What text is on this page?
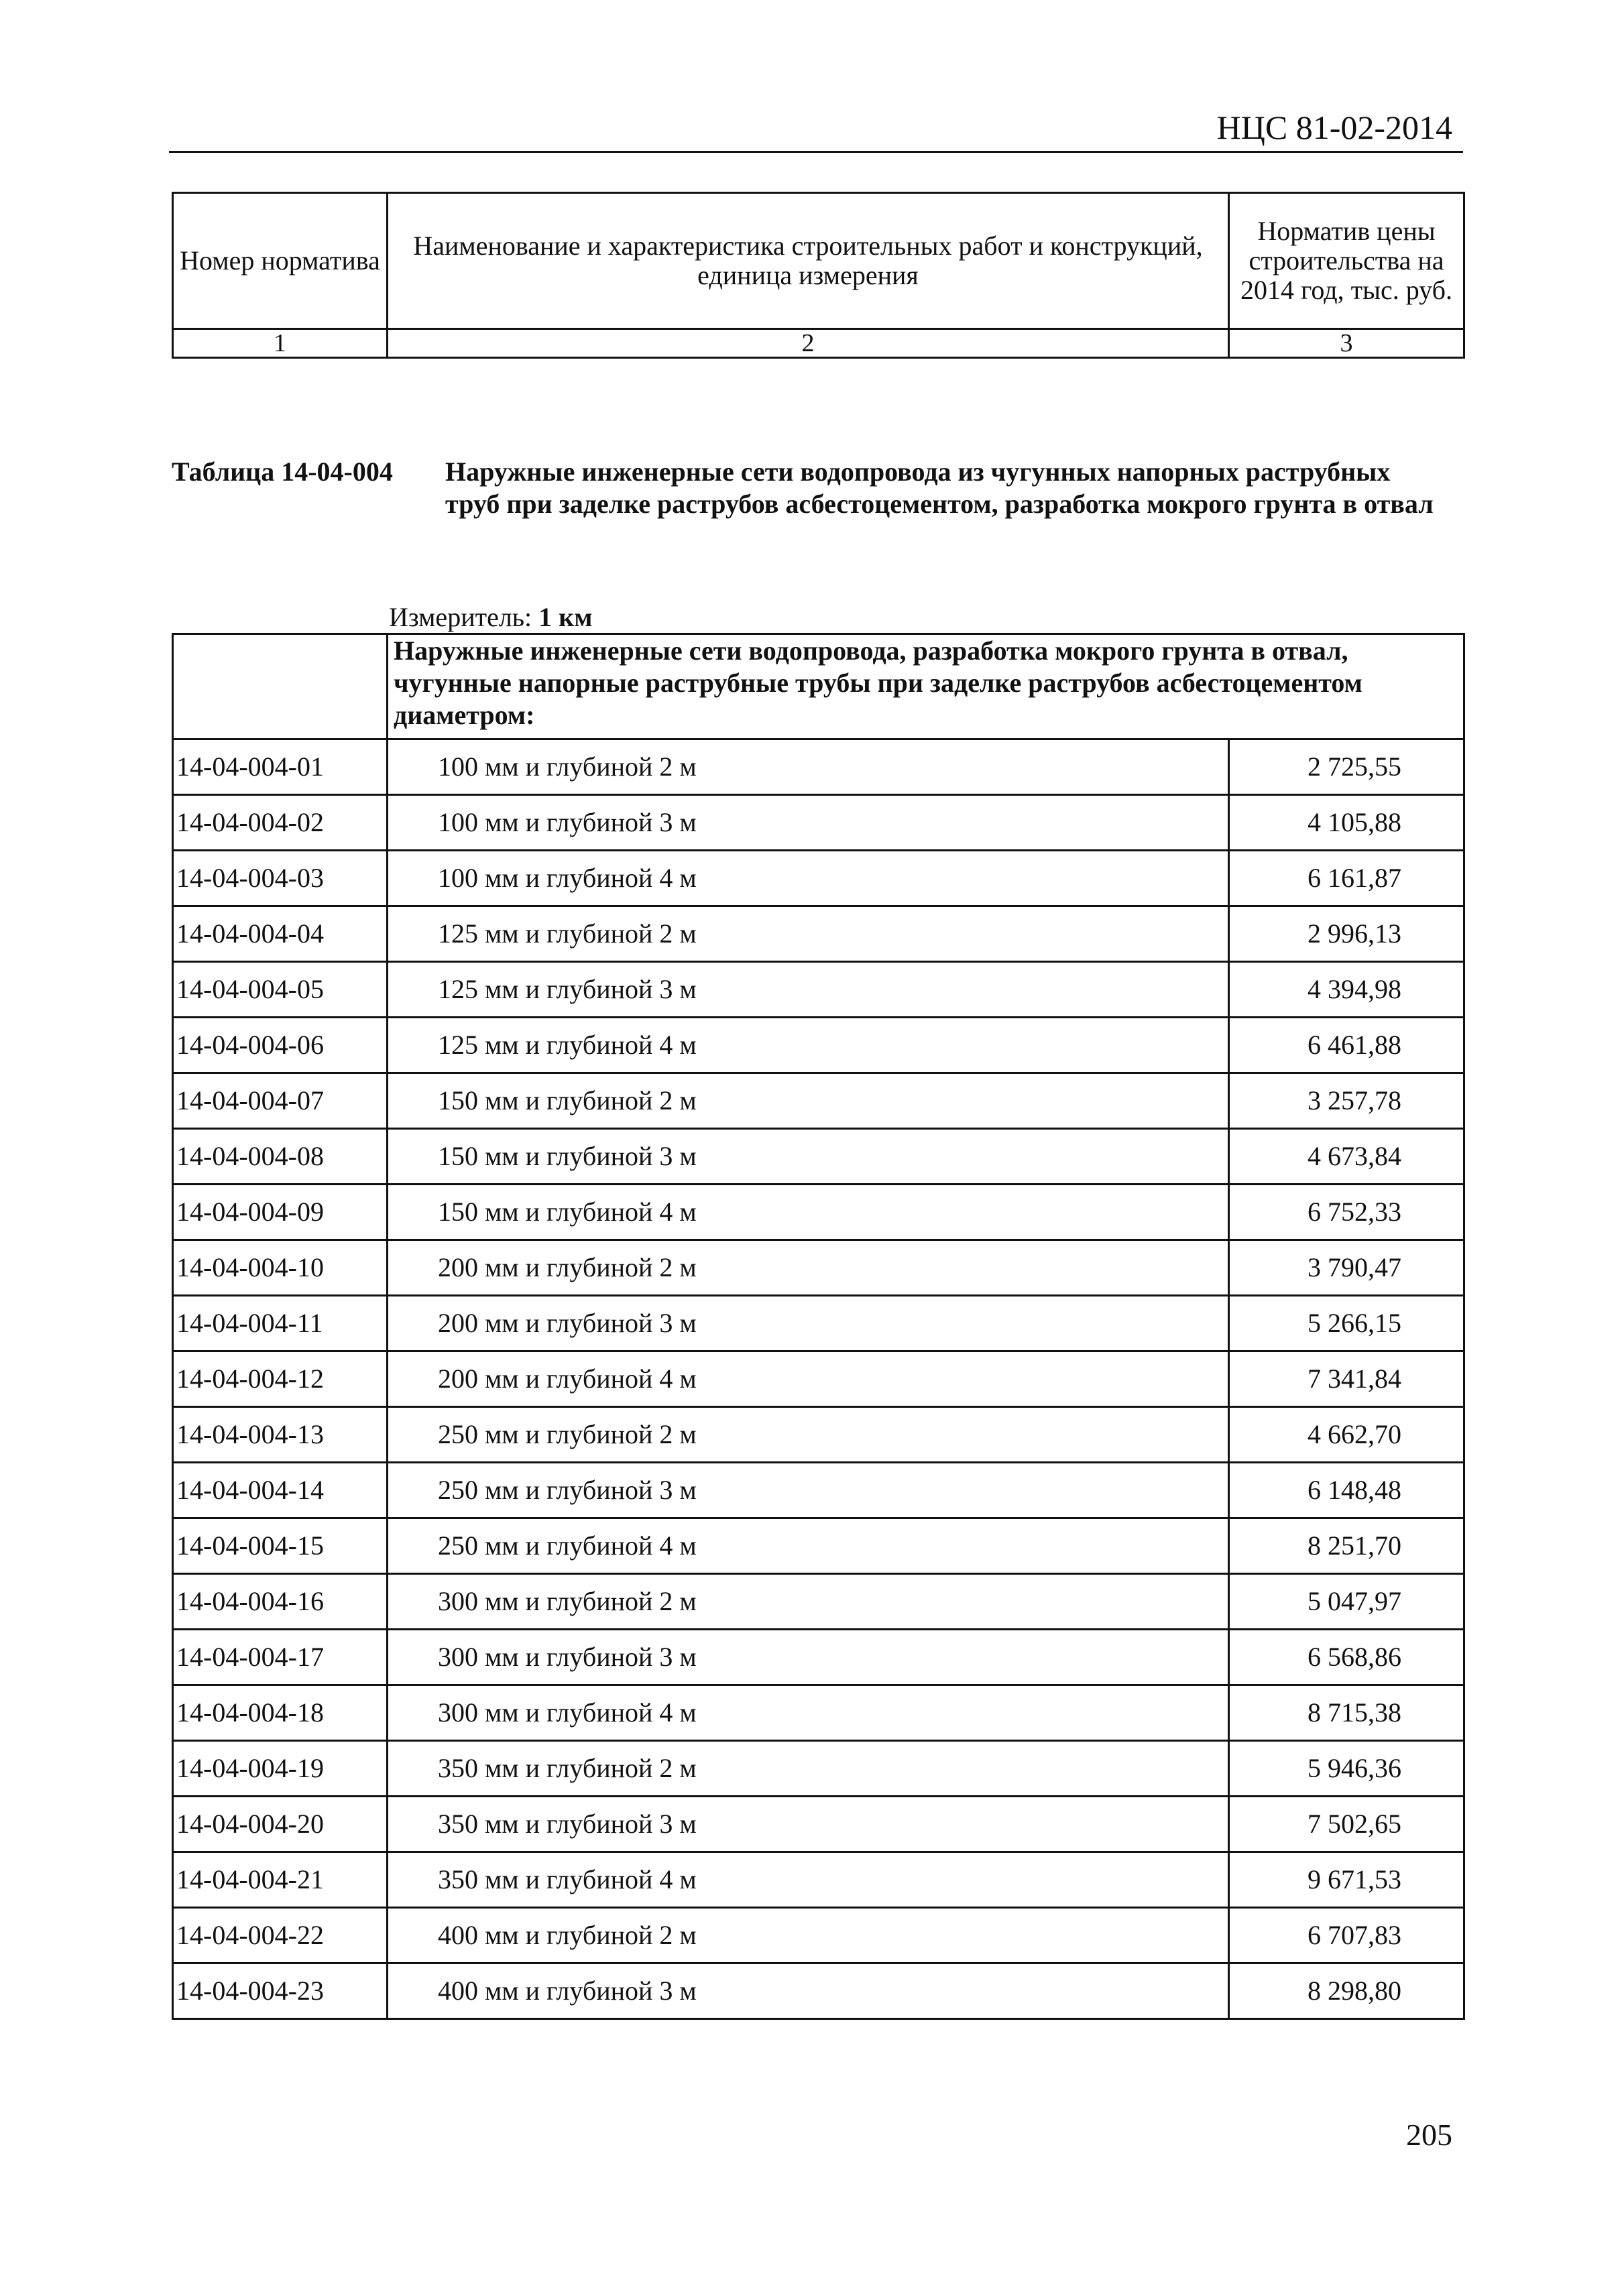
НЦС 81-02-2014
Номер норматива	Наименование и характеристика строительных работ и конструкций, единица измерения	Норматив цены строительства на 2014 год, тыс. руб.
1	2	3
Таблица 14-04-004 Наружные инженерные сети водопровода из чугунных напорных раструбных труб при заделке раструбов асбестоцементом, разработка мокрого грунта в отвал
Измеритель: 1 км
	Наружные инженерные сети водопровода, разработка мокрого грунта в отвал, чугунные напорные раструбные трубы при заделке раструбов асбестоцементом диаметром:	
14-04-004-01	100 мм и глубиной 2 м	2 725,55
14-04-004-02	100 мм и глубиной 3 м	4 105,88
14-04-004-03	100 мм и глубиной 4 м	6 161,87
14-04-004-04	125 мм и глубиной 2 м	2 996,13
14-04-004-05	125 мм и глубиной 3 м	4 394,98
14-04-004-06	125 мм и глубиной 4 м	6 461,88
14-04-004-07	150 мм и глубиной 2 м	3 257,78
14-04-004-08	150 мм и глубиной 3 м	4 673,84
14-04-004-09	150 мм и глубиной 4 м	6 752,33
14-04-004-10	200 мм и глубиной 2 м	3 790,47
14-04-004-11	200 мм и глубиной 3 м	5 266,15
14-04-004-12	200 мм и глубиной 4 м	7 341,84
14-04-004-13	250 мм и глубиной 2 м	4 662,70
14-04-004-14	250 мм и глубиной 3 м	6 148,48
14-04-004-15	250 мм и глубиной 4 м	8 251,70
14-04-004-16	300 мм и глубиной 2 м	5 047,97
14-04-004-17	300 мм и глубиной 3 м	6 568,86
14-04-004-18	300 мм и глубиной 4 м	8 715,38
14-04-004-19	350 мм и глубиной 2 м	5 946,36
14-04-004-20	350 мм и глубиной 3 м	7 502,65
14-04-004-21	350 мм и глубиной 4 м	9 671,53
14-04-004-22	400 мм и глубиной 2 м	6 707,83
14-04-004-23	400 мм и глубиной 3 м	8 298,80
205
